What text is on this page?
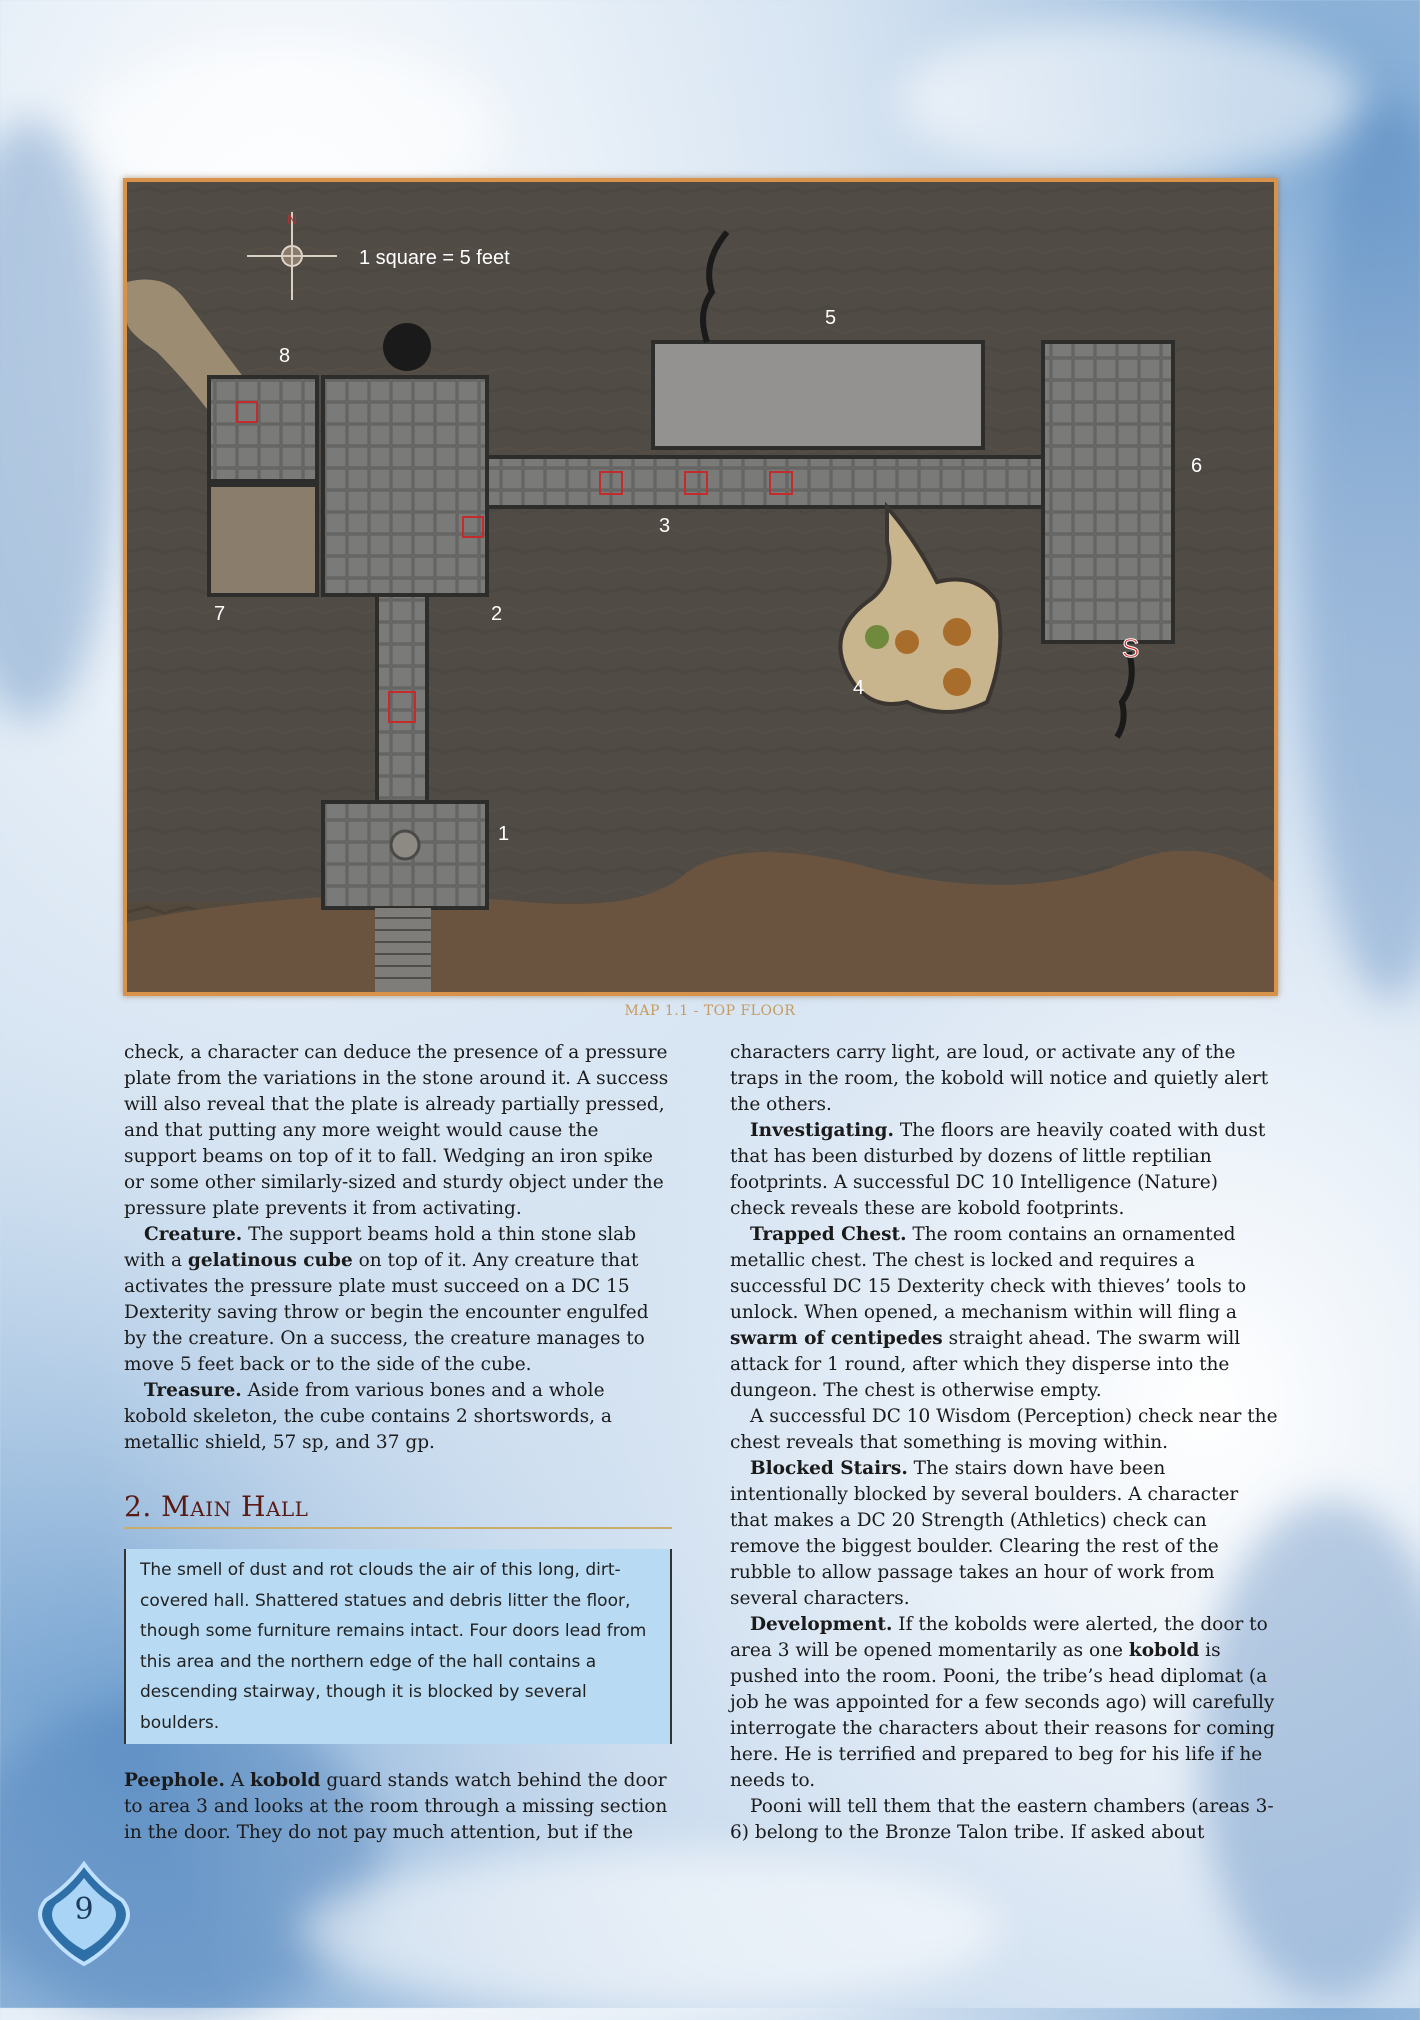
N
1 square = 5 feet
8
7	2
3
5
6
4
1
S
MAP 1.1 - TOP FLOOR

check, a character can deduce the presence of a pressure plate from the variations in the stone around it. A success will also reveal that the plate is already partially pressed, and that putting any more weight would cause the support beams on top of it to fall. Wedging an iron spike or some other similarly-sized and sturdy object under the pressure plate prevents it from activating.

Creature. The support beams hold a thin stone slab with a gelatinous cube on top of it. Any creature that activates the pressure plate must succeed on a DC 15 Dexterity saving throw or begin the encounter engulfed by the creature. On a success, the creature manages to move 5 feet back or to the side of the cube.

Treasure. Aside from various bones and a whole kobold skeleton, the cube contains 2 shortswords, a metallic shield, 57 sp, and 37 gp.

2. Main Hall
The smell of dust and rot clouds the air of this long, dirt-covered hall. Shattered statues and debris litter the floor, though some furniture remains intact. Four doors lead from this area and the northern edge of the hall contains a descending stairway, though it is blocked by several boulders.

Peephole. A kobold guard stands watch behind the door to area 3 and looks at the room through a missing section in the door. They do not pay much attention, but if the

characters carry light, are loud, or activate any of the traps in the room, the kobold will notice and quietly alert the others.

Investigating. The floors are heavily coated with dust that has been disturbed by dozens of little reptilian footprints. A successful DC 10 Intelligence (Nature) check reveals these are kobold footprints.

Trapped Chest. The room contains an ornamented metallic chest. The chest is locked and requires a successful DC 15 Dexterity check with thieves’ tools to unlock. When opened, a mechanism within will fling a swarm of centipedes straight ahead. The swarm will attack for 1 round, after which they disperse into the dungeon. The chest is otherwise empty.

A successful DC 10 Wisdom (Perception) check near the chest reveals that something is moving within.

Blocked Stairs. The stairs down have been intentionally blocked by several boulders. A character that makes a DC 20 Strength (Athletics) check can remove the biggest boulder. Clearing the rest of the rubble to allow passage takes an hour of work from several characters.

Development. If the kobolds were alerted, the door to area 3 will be opened momentarily as one kobold is pushed into the room. Pooni, the tribe’s head diplomat (a job he was appointed for a few seconds ago) will carefully interrogate the characters about their reasons for coming here. He is terrified and prepared to beg for his life if he needs to.

Pooni will tell them that the eastern chambers (areas 3-6) belong to the Bronze Talon tribe. If asked about

9
